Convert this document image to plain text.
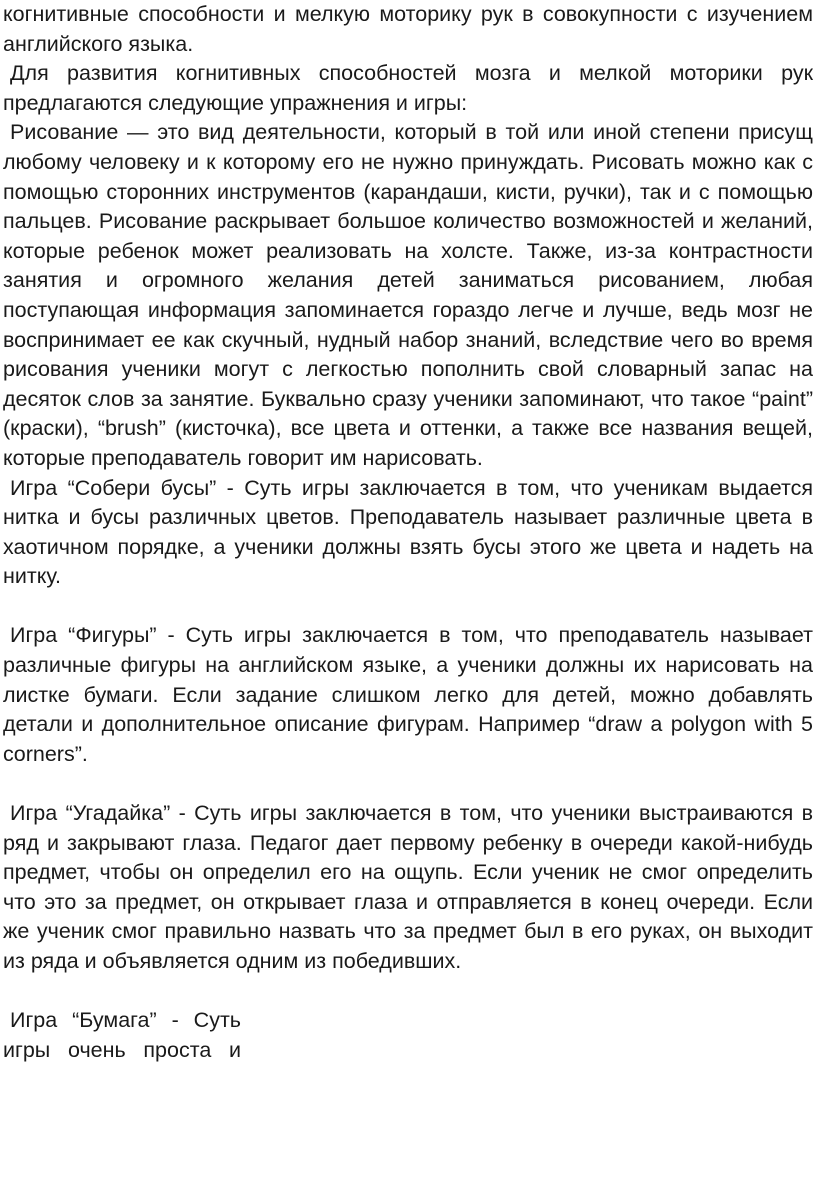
когнитивные способности и мелкую моторику рук в совокупности с изучением английского языка.

Для развития когнитивных способностей мозга и мелкой моторики рук предлагаются следующие упражнения и игры:

Рисование — это вид деятельности, который в той или иной степени присущ любому человеку и к которому его не нужно принуждать. Рисовать можно как с помощью сторонних инструментов (карандаши, кисти, ручки), так и с помощью пальцев. Рисование раскрывает большое количество возможностей и желаний, которые ребенок может реализовать на холсте. Также, из-за контрастности занятия и огромного желания детей заниматься рисованием, любая поступающая информация запоминается гораздо легче и лучше, ведь мозг не воспринимает ее как скучный, нудный набор знаний, вследствие чего во время рисования ученики могут с легкостью пополнить свой словарный запас на десяток слов за занятие. Буквально сразу ученики запоминают, что такое “paint” (краски), “brush” (кисточка), все цвета и оттенки, а также все названия вещей, которые преподаватель говорит им нарисовать.

Игра “Собери бусы” - Суть игры заключается в том, что ученикам выдается нитка и бусы различных цветов. Преподаватель называет различные цвета в хаотичном порядке, а ученики должны взять бусы этого же цвета и надеть на нитку.

Игра “Фигуры” - Суть игры заключается в том, что преподаватель называет различные фигуры на английском языке, а ученики должны их нарисовать на листке бумаги. Если задание слишком легко для детей, можно добавлять детали и дополнительное описание фигурам. Например “draw a polygon with 5 corners”.

Игра “Угадайка” - Суть игры заключается в том, что ученики выстраиваются в ряд и закрывают глаза. Педагог дает первому ребенку в очереди какой-нибудь предмет, чтобы он определил его на ощупь. Если ученик не смог определить что это за предмет, он открывает глаза и отправляется в конец очереди. Если же ученик смог правильно назвать что за предмет был в его руках, он выходит из ряда и объявляется одним из победивших.

Игра “Бумага” - Суть

игры очень проста и
